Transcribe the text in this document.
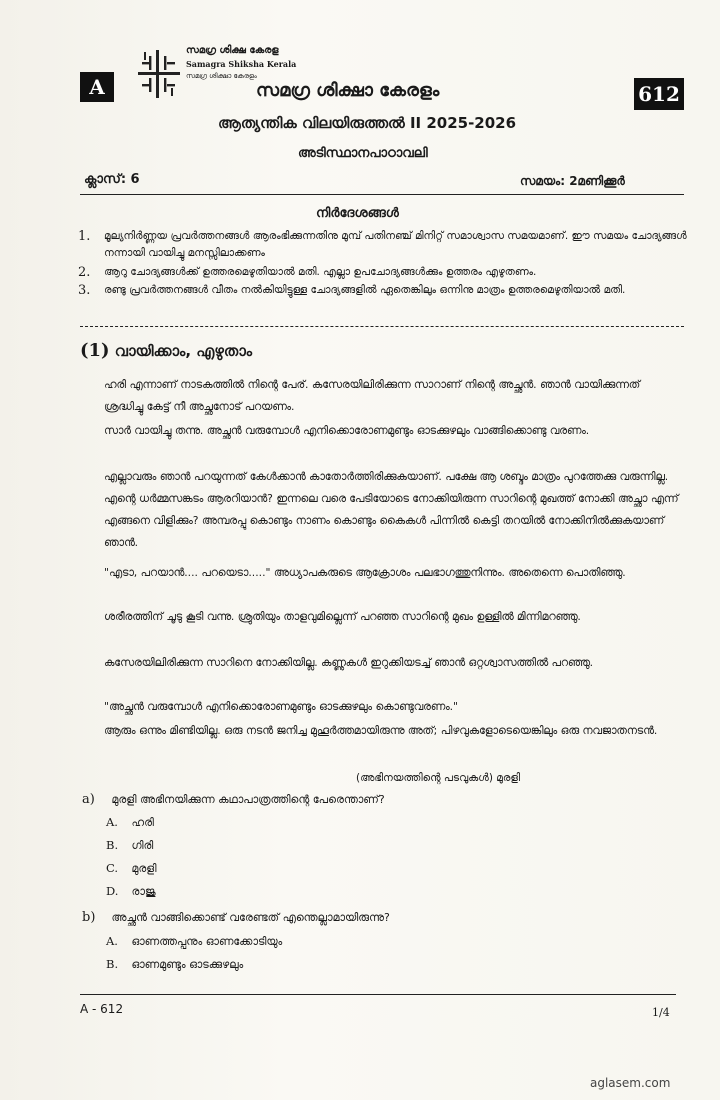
A
സമഗ്ര ശിക്ഷ കേരള
Samagra Shiksha Kerala
സമഗ്ര ശിക്ഷാ കേരളം
സമഗ്ര ശിക്ഷാ കേരളം	612
ആത്യന്തിക വിലയിരുത്തൽ II 2025-2026
അടിസ്ഥാനപാഠാവലി
ക്ലാസ്: 6	സമയം: 2മണിക്കൂർ
നിർദേശങ്ങൾ
1. മൂല്യനിർണ്ണയ പ്രവർത്തനങ്ങൾ ആരംഭിക്കുന്നതിനു മുമ്പ് പതിനഞ്ച് മിനിറ്റ് സമാശ്വാസ സമയമാണ്. ഈ സമയം ചോദ്യങ്ങൾ നന്നായി വായിച്ചു മനസ്സിലാക്കണം
2. ആറു ചോദ്യങ്ങൾക്ക് ഉത്തരമെഴുതിയാൽ മതി. എല്ലാ ഉപചോദ്യങ്ങൾക്കും ഉത്തരം എഴുതണം.
3. രണ്ടു പ്രവർത്തനങ്ങൾ വീതം നൽകിയിട്ടുള്ള ചോദ്യങ്ങളിൽ ഏതെങ്കിലും ഒന്നിനു മാത്രം ഉത്തരമെഴുതിയാൽ മതി.
(1) വായിക്കാം, എഴുതാം
ഹരി എന്നാണ് നാടകത്തിൽ നിന്റെ പേര്. കസേരയിലിരിക്കുന്ന സാറാണ് നിന്റെ അച്ഛൻ. ഞാൻ വായിക്കുന്നത് ശ്രദ്ധിച്ചു കേട്ട് നീ അച്ഛനോട് പറയണം.
സാർ വായിച്ചു തന്നു. അച്ഛൻ വരുമ്പോൾ എനിക്കൊരോണമുണ്ടും ഓടക്കുഴലും വാങ്ങിക്കൊണ്ടു വരണം.
എല്ലാവരും ഞാൻ പറയുന്നത് കേൾക്കാൻ കാതോർത്തിരിക്കുകയാണ്. പക്ഷേ ആ ശബ്ദം മാത്രം പുറത്തേക്കു വരുന്നില്ല. എന്റെ ധർമ്മസങ്കടം ആരറിയാൻ? ഇന്നലെ വരെ പേടിയോടെ നോക്കിയിരുന്ന സാറിന്റെ മുഖത്ത് നോക്കി അച്ഛാ എന്ന് എങ്ങനെ വിളിക്കും? അമ്പരപ്പു കൊണ്ടും നാണം കൊണ്ടും കൈകൾ പിന്നിൽ കെട്ടി തറയിൽ നോക്കിനിൽക്കുകയാണ് ഞാൻ.
"എടാ, പറയാൻ.... പറയെടാ....." അധ്യാപകരുടെ ആക്രോശം പലഭാഗത്തുനിന്നും. അതെന്നെ പൊതിഞ്ഞു.
ശരീരത്തിന് ചൂടു കൂടി വന്നു. ശ്രുതിയും താളവുമില്ലെന്ന് പറഞ്ഞ സാറിന്റെ മുഖം ഉള്ളിൽ മിന്നിമറഞ്ഞു.
കസേരയിലിരിക്കുന്ന സാറിനെ നോക്കിയില്ല. കണ്ണുകൾ ഇറുക്കിയടച്ച് ഞാൻ ഒറ്റശ്വാസത്തിൽ പറഞ്ഞു.
"അച്ഛൻ വരുമ്പോൾ എനിക്കൊരോണമുണ്ടും ഓടക്കുഴലും കൊണ്ടുവരണം."
ആരും ഒന്നും മിണ്ടിയില്ല. ഒരു നടൻ ജനിച്ച മുഹൂർത്തമായിരുന്നു അത്; പിഴവുകളോടെയെങ്കിലും ഒരു നവജാതനടൻ.
(അഭിനയത്തിന്റെ പടവുകൾ) മുരളി
a) മുരളി അഭിനയിക്കുന്ന കഥാപാത്രത്തിന്റെ പേരെന്താണ്?
A. ഹരി
B. ഗിരി
C. മുരളി
D. രാജു
b) അച്ഛൻ വാങ്ങിക്കൊണ്ട് വരേണ്ടത് എന്തെല്ലാമായിരുന്നു?
A. ഓണത്തപ്പനും ഓണക്കോടിയും
B. ഓണമുണ്ടും ഓടക്കുഴലും
A - 612	1/4
aglasem.com
